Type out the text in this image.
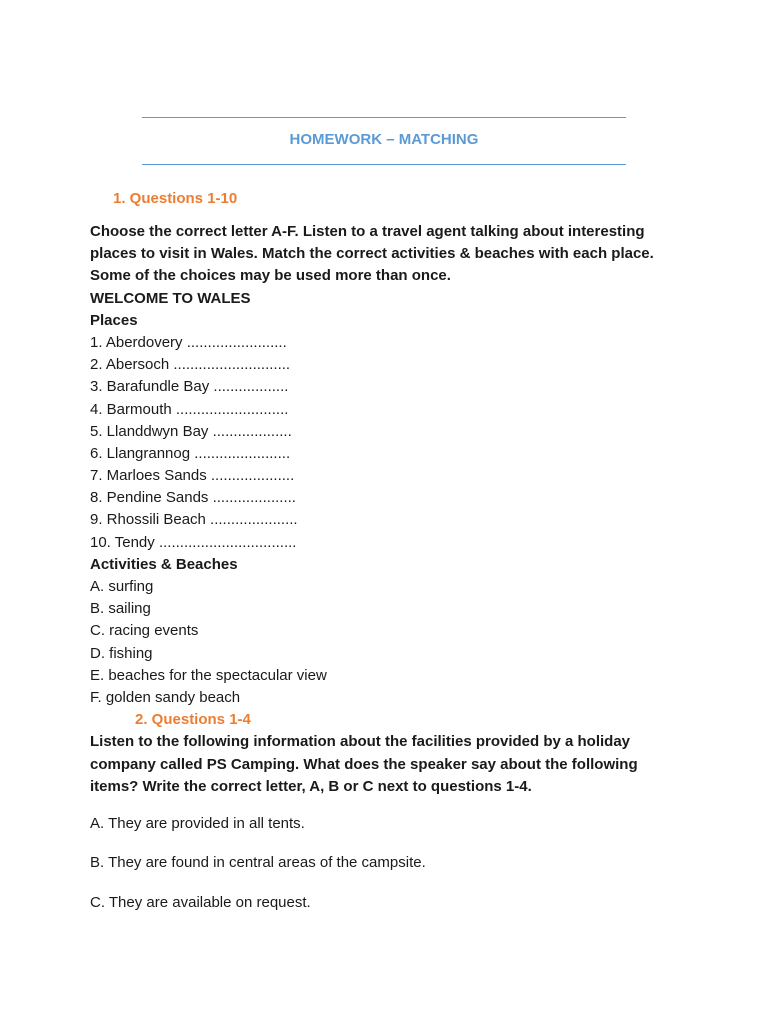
HOMEWORK – MATCHING
1. Questions 1-10
Choose the correct letter A-F. Listen to a travel agent talking about interesting
places to visit in Wales. Match the correct activities & beaches with each place.
Some of the choices may be used more than once.
WELCOME TO WALES
Places
1. Aberdovery ........................
2. Abersoch ............................
3. Barafundle Bay ..................
4. Barmouth ...........................
5. Llanddwyn Bay ...................
6. Llangrannog .......................
7. Marloes Sands ....................
8. Pendine Sands ....................
9. Rhossili Beach .....................
10. Tendy .................................
Activities & Beaches
A. surfing
B. sailing
C. racing events
D. fishing
E. beaches for the spectacular view
F. golden sandy beach
2. Questions 1-4
Listen to the following information about the facilities provided by a holiday
company called PS Camping. What does the speaker say about the following
items? Write the correct letter, A, B or C next to questions 1-4.
A. They are provided in all tents.
B. They are found in central areas of the campsite.
C. They are available on request.
